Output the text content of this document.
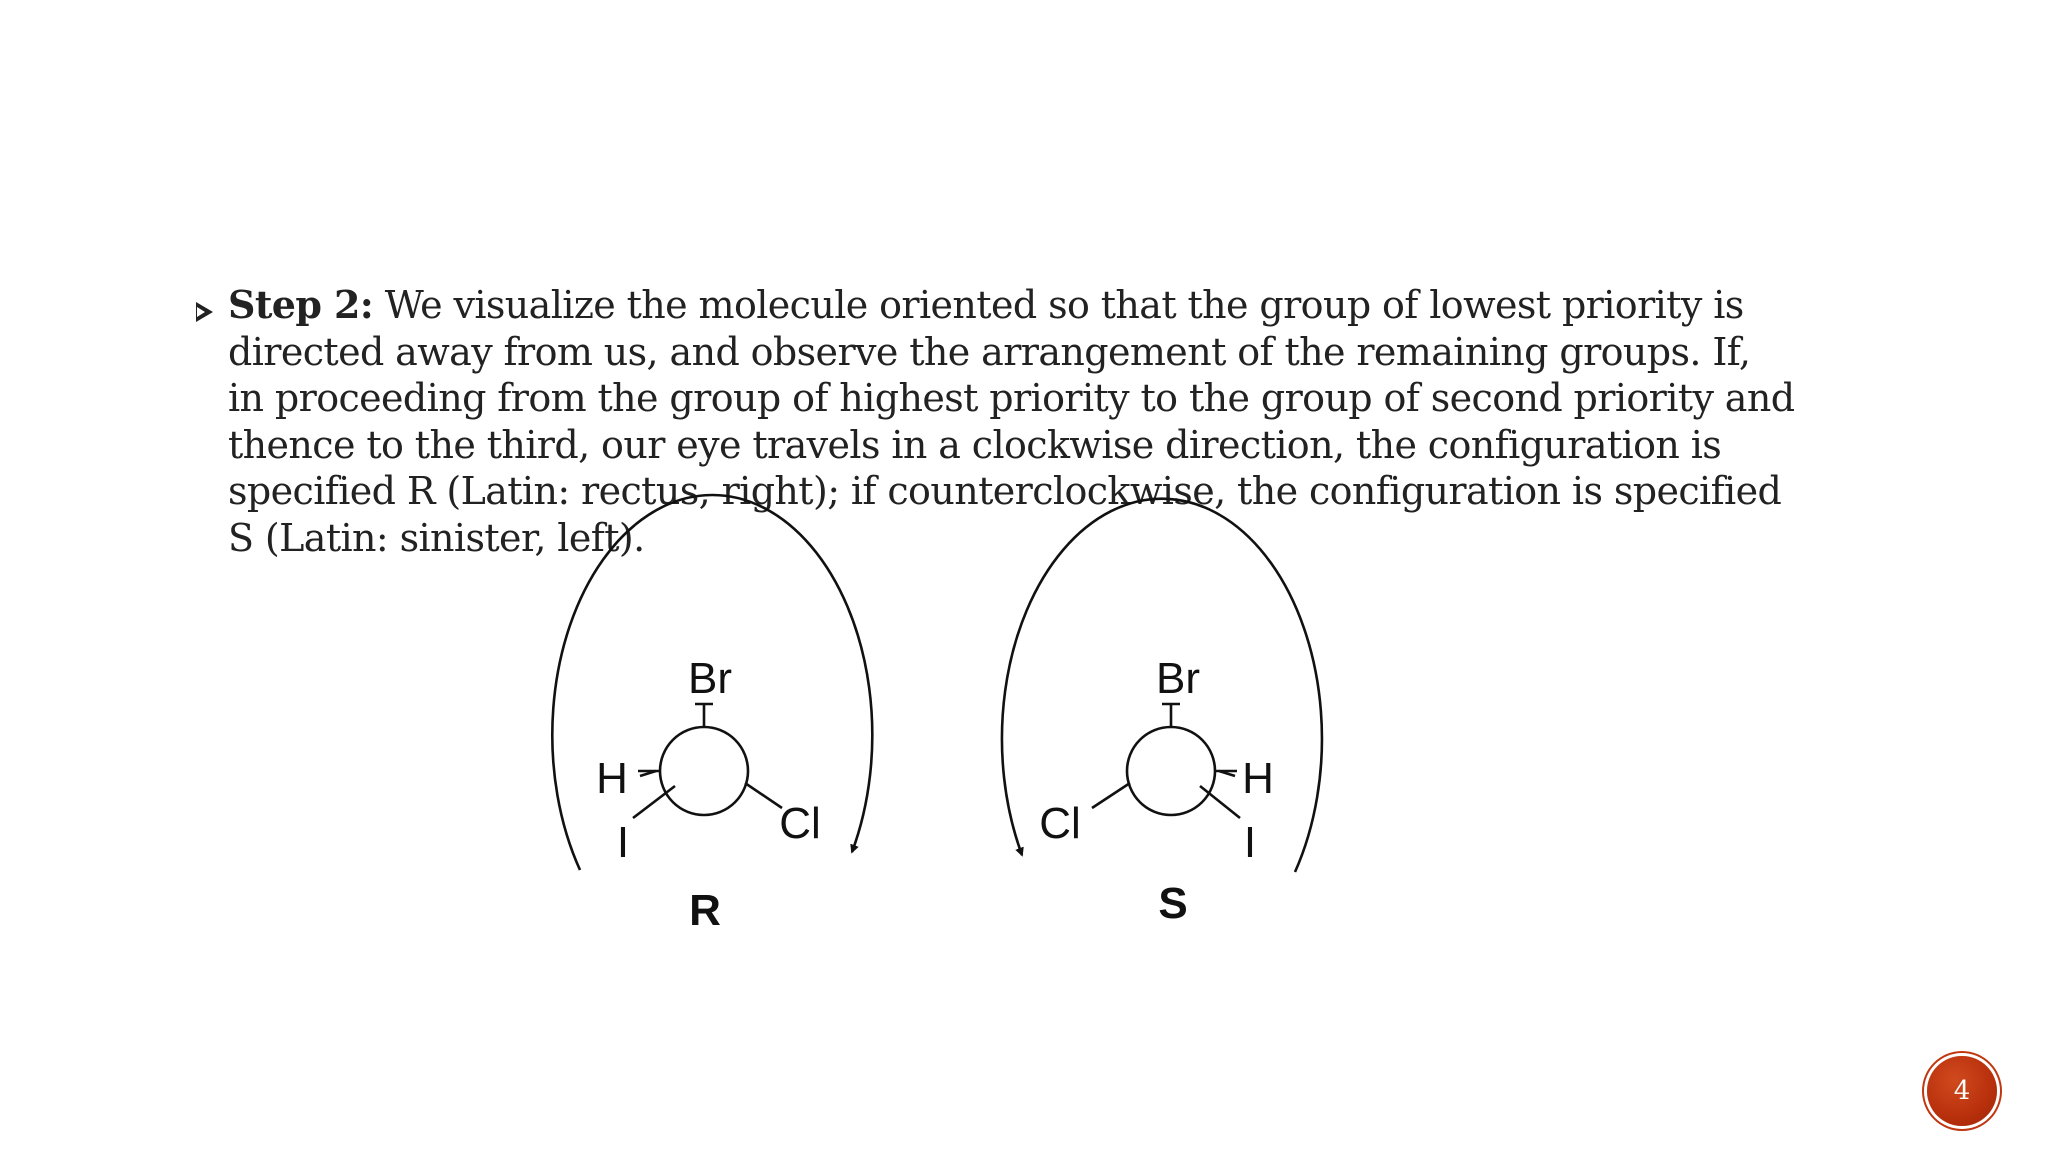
Step 2: We visualize the molecule oriented so that the group of lowest priority is
directed away from us, and observe the arrangement of the remaining groups. If,
in proceeding from the group of highest priority to the group of second priority and
thence to the third, our eye travels in a clockwise direction, the configuration is
specified R (Latin: rectus, right); if counterclockwise, the configuration is specified
S (Latin: sinister, left).
Br
H
I	Cl
R
Br
H
I
Cl
S
4
